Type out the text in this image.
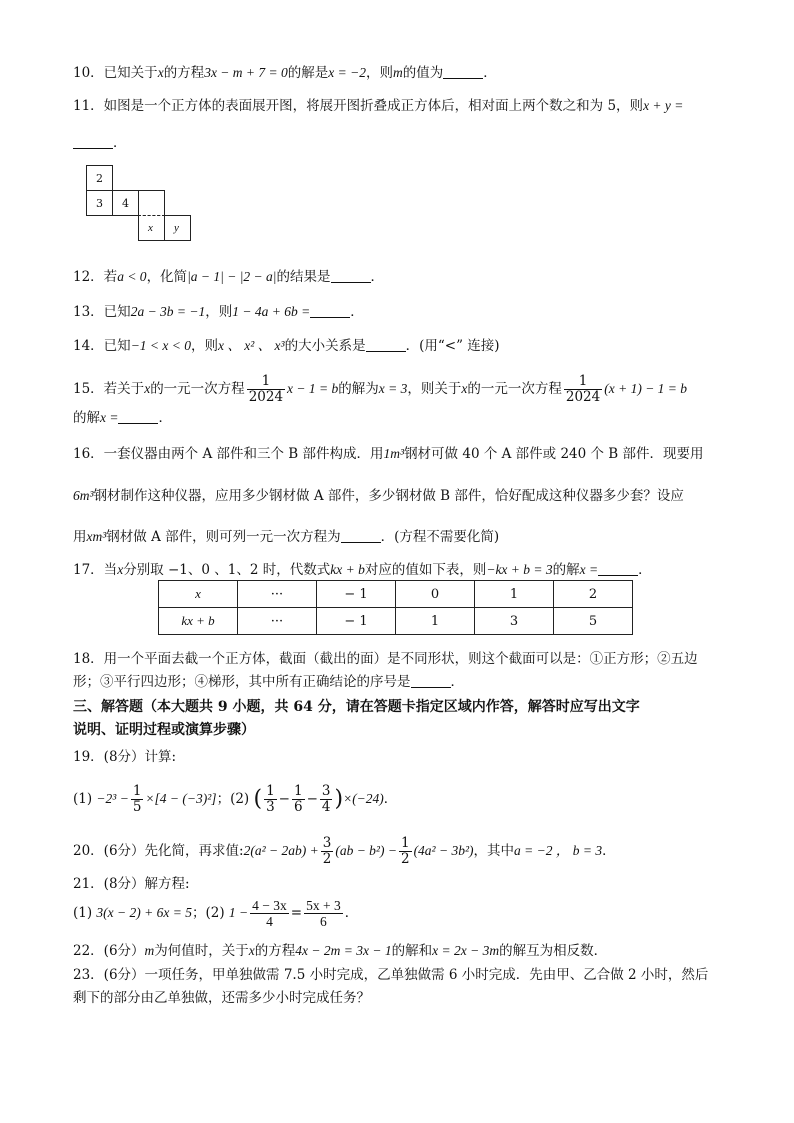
10．已知关于x的方程3x − m + 7 = 0的解是x = −2，则m的值为	．
11．如图是一个正方体的表面展开图，将展开图折叠成正方体后，相对面上两个数之和为 5，则x + y =
．
2
3 4
x y
12．若a < 0，化简|a − 1| − |2 − a|的结果是	．
13．已知2a − 3b = −1，则1 − 4a + 6b =	．
14．已知−1 < x < 0，则x 、 x² 、 x³的大小关系是	．(用“<” 连接)
15．若关于x的一元一次方程 $\frac{1}{2024}$ x − 1 = b的解为x = 3，则关于x的一元一次方程 $\frac{1}{2024} (x + 1) - 1 = b$
的解x =	．
16．一套仪器由两个 A 部件和三个 B 部件构成．用1m³钢材可做 40 个 A 部件或 240 个 B 部件．现要用
6m³钢材制作这种仪器，应用多少钢材做 A 部件，多少钢材做 B 部件，恰好配成这种仪器多少套？设应
用xm³钢材做 A 部件，则可列一元一次方程为	．(方程不需要化简)
17．当x分别取 −1、0 、1、2 时，代数式kx + b对应的值如下表，则−kx + b = 3的解x =	．
x	···	− 1	0	1	2
kx + b	···	− 1	1	3	5
18．用一个平面去截一个正方体，截面（截出的面）是不同形状，则这个截面可以是：①正方形；②五边
形；③平行四边形；④梯形，其中所有正确结论的序号是	．
三、解答题（本大题共 9 小题，共 64 分，请在答题卡指定区域内作答，解答时应写出文字
说明、证明过程或演算步骤）
19．(8分）计算:
$(1) -2^3 - \frac{1}{5} \times[4 - (-3)^2]$；(2) ( $\frac{1}{3} - \frac{1}{6} - \frac{3}{4} )\times(-24)$．
20．(6分）先化简，再求值:2(a² − $2ab) + \frac{3}{2} (ab - b^2) - \frac{1}{2} (4a^2 - 3b^2)$，其中a = −2 ， b = 3．
21．(8分）解方程:
(1) 3(x − 2) + 6x = 5；(2) $1 - \frac{4 - 3x}{4} = \frac{5x + 3}{6}$ ．
22．(6分）m为何值时，关于x的方程4x − 2m = 3x − 1的解和x = 2x − 3m的解互为相反数．
23．(6分）一项任务，甲单独做需 7.5 小时完成，乙单独做需 6 小时完成．先由甲、乙合做 2 小时，然后
剩下的部分由乙单独做，还需多少小时完成任务？
